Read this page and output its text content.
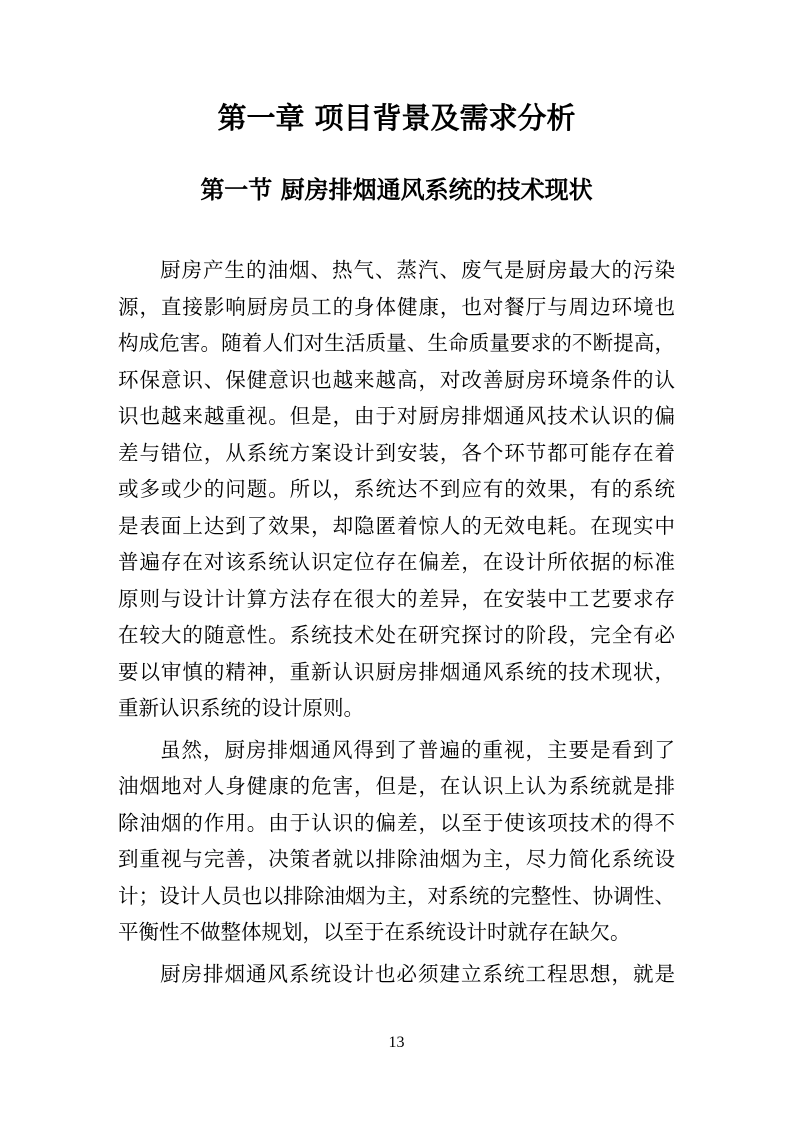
第一章 项目背景及需求分析
第一节 厨房排烟通风系统的技术现状
厨房产生的油烟、热气、蒸汽、废气是厨房最大的污染
源，直接影响厨房员工的身体健康，也对餐厅与周边环境也
构成危害。随着人们对生活质量、生命质量要求的不断提高，
环保意识、保健意识也越来越高，对改善厨房环境条件的认
识也越来越重视。但是，由于对厨房排烟通风技术认识的偏
差与错位，从系统方案设计到安装，各个环节都可能存在着
或多或少的问题。所以，系统达不到应有的效果，有的系统
是表面上达到了效果，却隐匿着惊人的无效电耗。在现实中
普遍存在对该系统认识定位存在偏差，在设计所依据的标准
原则与设计计算方法存在很大的差异，在安装中工艺要求存
在较大的随意性。系统技术处在研究探讨的阶段，完全有必
要以审慎的精神，重新认识厨房排烟通风系统的技术现状，
重新认识系统的设计原则。
虽然，厨房排烟通风得到了普遍的重视，主要是看到了
油烟地对人身健康的危害，但是，在认识上认为系统就是排
除油烟的作用。由于认识的偏差，以至于使该项技术的得不
到重视与完善，决策者就以排除油烟为主，尽力简化系统设
计；设计人员也以排除油烟为主，对系统的完整性、协调性、
平衡性不做整体规划，以至于在系统设计时就存在缺欠。
厨房排烟通风系统设计也必须建立系统工程思想，就是
13
